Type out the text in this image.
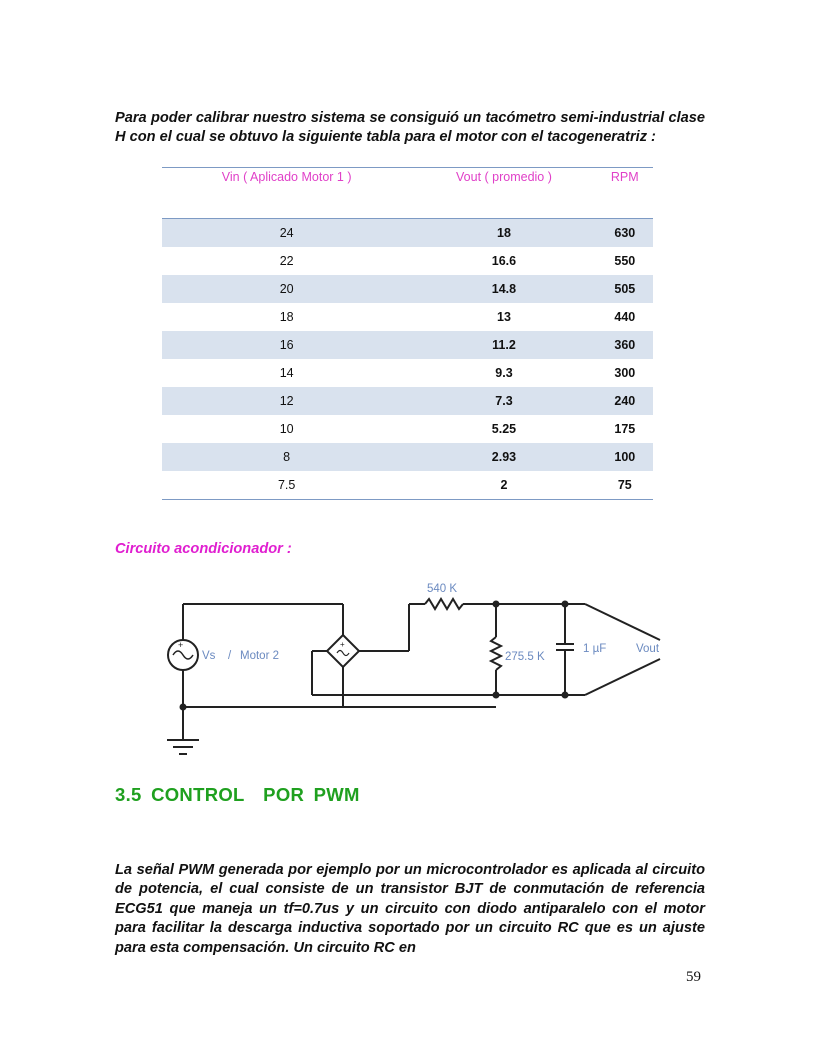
Para poder calibrar nuestro sistema se consiguió un tacómetro semi-industrial clase H con el cual se obtuvo la siguiente tabla para el motor con el tacogeneratriz :

Vin ( Aplicado Motor 1 )	Vout ( promedio )	RPM
24	18	630
22	16.6	550
20	14.8	505
18	13	440
16	11.2	360
14	9.3	300
12	7.3	240
10	5.25	175
8	2.93	100
7.5	2	75
Circuito acondicionador :
+	+
Vs / Motor 2
540 K
275.5 K
1 µF	Vout
3.5 CONTROL  POR PWM

La señal PWM generada por ejemplo por un microcontrolador es aplicada al circuito de potencia, el cual consiste de un transistor BJT de conmutación de referencia ECG51 que maneja un tf=0.7us y un circuito con diodo antiparalelo con el motor para facilitar la descarga inductiva soportado por un circuito RC que es un ajuste para esta compensación. Un circuito RC en

59
